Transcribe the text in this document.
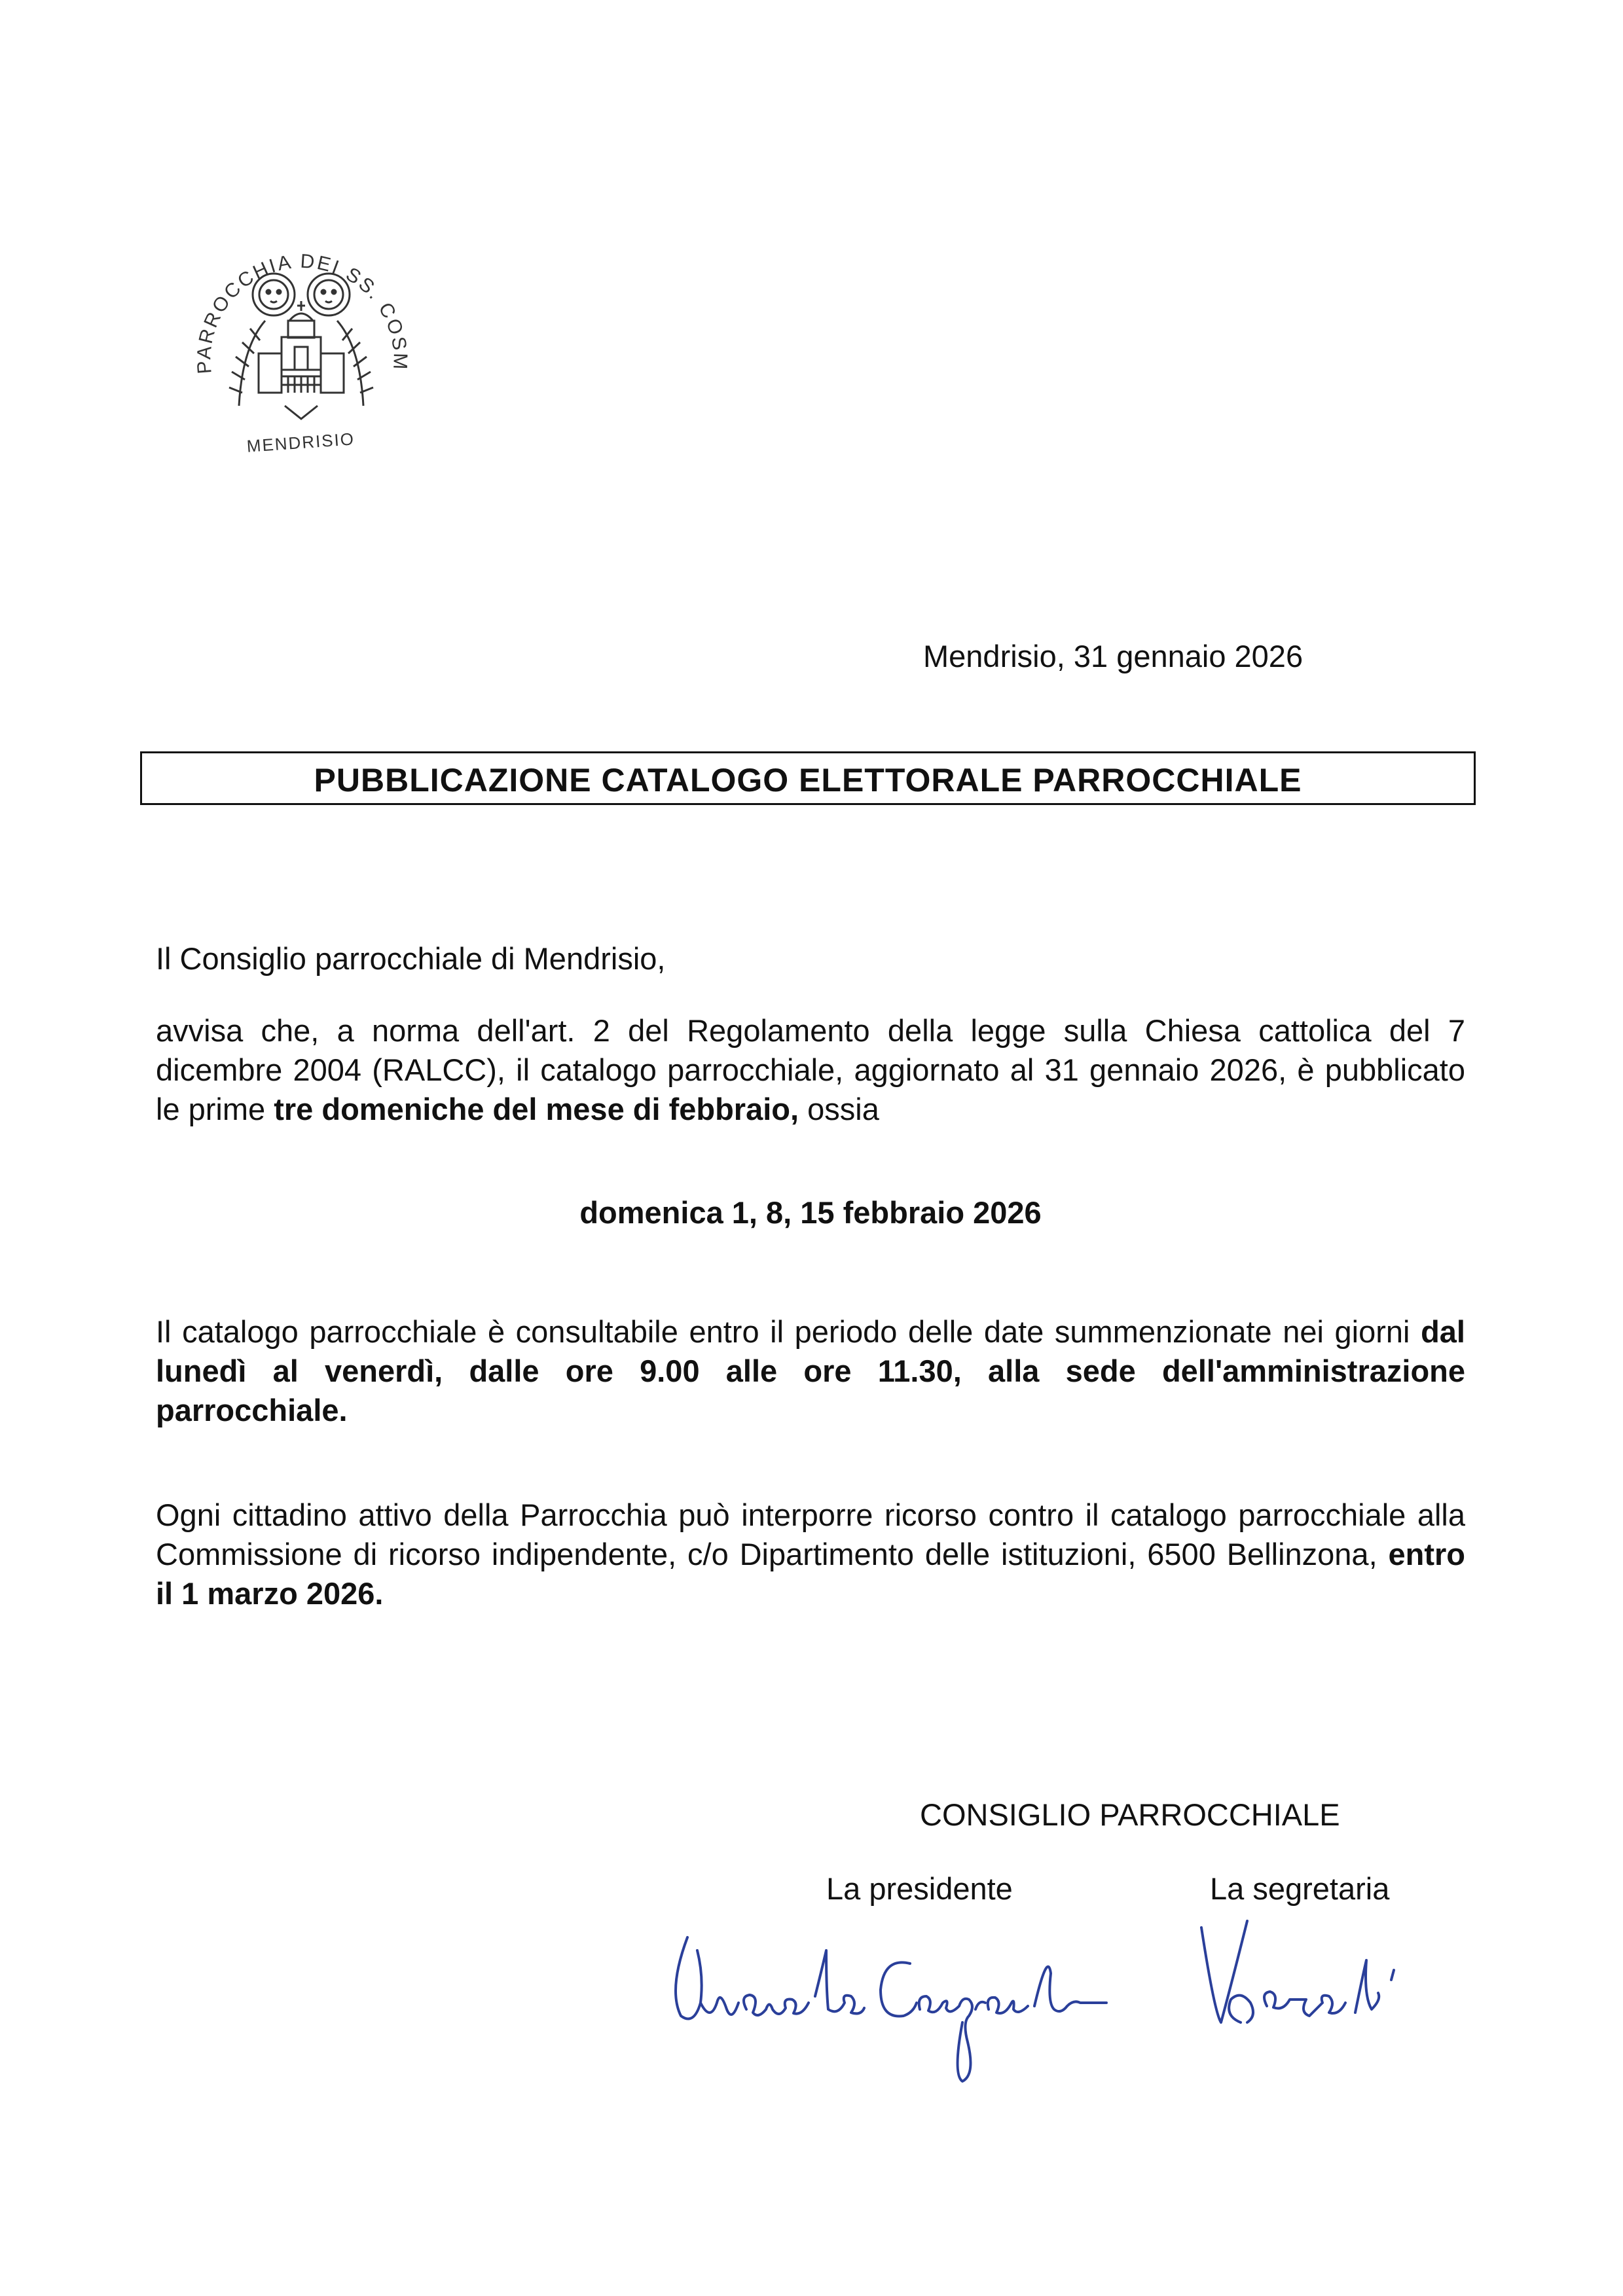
PARROCCHIA DEI SS. COSM
MENDRISIO
Mendrisio, 31 gennaio 2026
PUBBLICAZIONE CATALOGO ELETTORALE PARROCCHIALE
Il Consiglio parrocchiale di Mendrisio,
avvisa che, a norma dell'art. 2 del Regolamento della legge sulla Chiesa cattolica del 7 dicembre 2004 (RALCC), il catalogo parrocchiale, aggiornato al 31 gennaio 2026, è pubblicato le prime tre domeniche del mese di febbraio, ossia
domenica 1, 8, 15 febbraio 2026
Il catalogo parrocchiale è consultabile entro il periodo delle date summenzionate nei giorni dal lunedì al venerdì, dalle ore 9.00 alle ore 11.30, alla sede dell'amministrazione parrocchiale.
Ogni cittadino attivo della Parrocchia può interporre ricorso contro il catalogo parrocchiale alla Commissione di ricorso indipendente, c/o Dipartimento delle istituzioni, 6500 Bellinzona, entro il 1 marzo 2026.
CONSIGLIO PARROCCHIALE
La presidente	La segretaria
